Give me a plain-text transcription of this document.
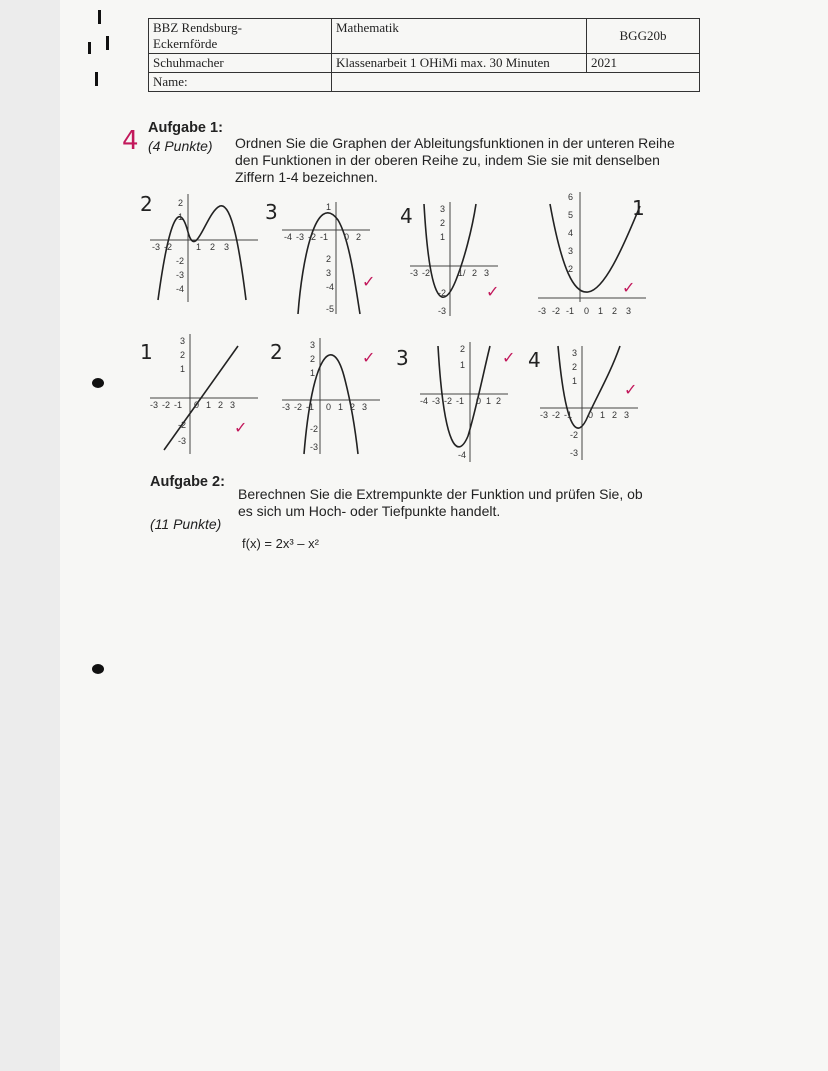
BBZ Rendsburg-
Eckernförde	Mathematik	BGG20b
Schuhmacher	Klassenarbeit 1 OHiMi max. 30 Minuten	2021
Name:		
4 Aufgabe 1:
Ordnen Sie die Graphen der Ableitungsfunktionen in der unteren Reihe
(4 Punkte)
den Funktionen in der oberen Reihe zu, indem Sie sie mit denselben
Ziffern 1-4 bezeichnen.
2	3	4	1
2
1
-3 -2	1 2 3
-2
-3
-4
1
-4 -3 -2 -1 0 2
2
3
-4
-5
✓
3
2
1
-3 -2	1/ 2 3
-2
-3
✓
6
5
4
3
2
-3 -2 -1 0 1 2 3
✓
1	2	3	4
3
2
1
-3 -2 -1 0 1 2 3
-2
-3
✓
3
2
1
-3 -2 -1 0 1 2 3
-2
-3
✓	2
1
-4 -3 -2 -1 0 1 2
-4
✓	3
2
1
-3 -2 -1 0 1 2 3
-2
-3
✓
Aufgabe 2:
Berechnen Sie die Extrempunkte der Funktion und prüfen Sie, ob
es sich um Hoch- oder Tiefpunkte handelt.
(11 Punkte)
f(x) = 2x³ – x²
